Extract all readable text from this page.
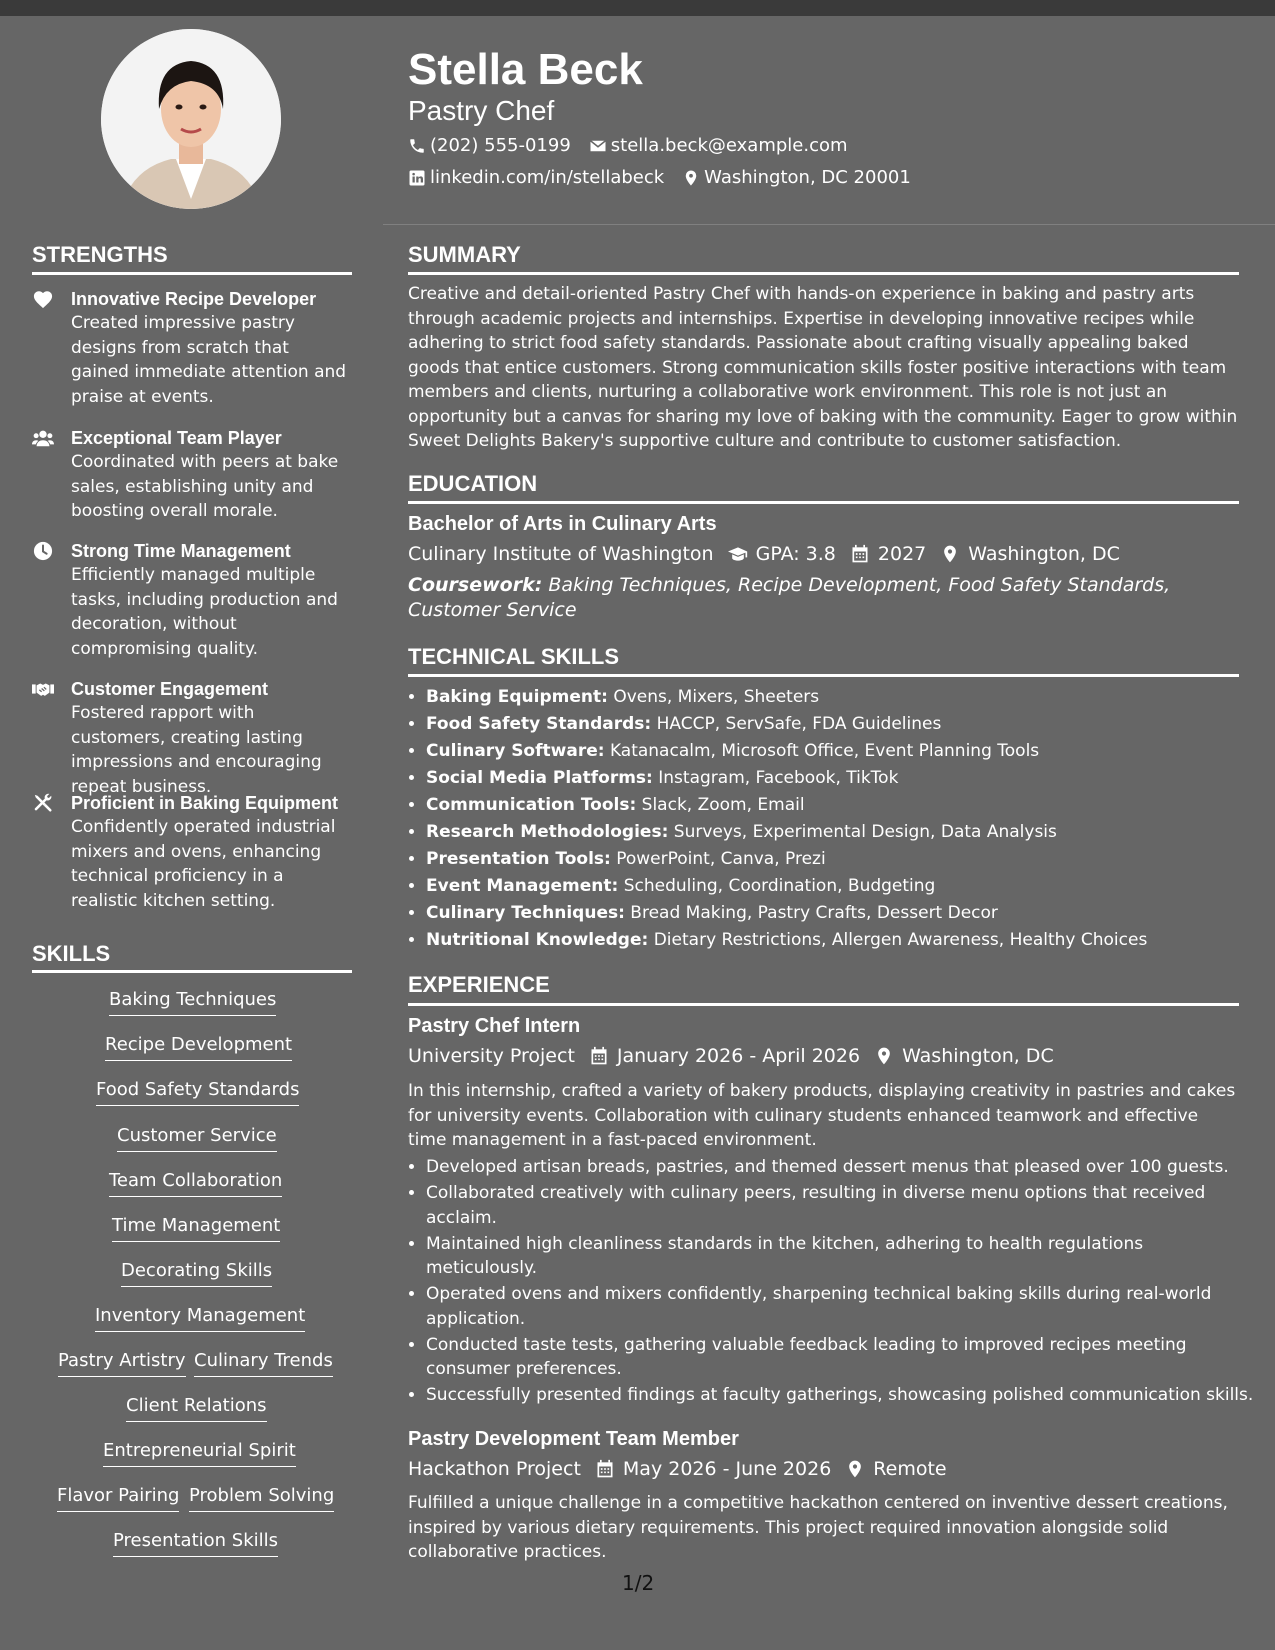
Stella Beck
Pastry Chef
(202) 555-0199 stella.beck@example.com
linkedin.com/in/stellabeck Washington, DC 20001
STRENGTHS
Innovative Recipe Developer
Created impressive pastry designs from scratch that gained immediate attention and praise at events.
Exceptional Team Player
Coordinated with peers at bake sales, establishing unity and boosting overall morale.
Strong Time Management
Efficiently managed multiple tasks, including production and decoration, without compromising quality.
Customer Engagement
Fostered rapport with customers, creating lasting impressions and encouraging repeat business.
Proficient in Baking Equipment
Confidently operated industrial mixers and ovens, enhancing technical proficiency in a realistic kitchen setting.
SKILLS
Baking Techniques
Recipe Development
Food Safety Standards
Customer Service
Team Collaboration
Time Management
Decorating Skills
Inventory Management
Pastry Artistry Culinary Trends
Client Relations
Entrepreneurial Spirit
Flavor Pairing Problem Solving
Presentation Skills
SUMMARY
Creative and detail-oriented Pastry Chef with hands-on experience in baking and pastry arts through academic projects and internships. Expertise in developing innovative recipes while adhering to strict food safety standards. Passionate about crafting visually appealing baked goods that entice customers. Strong communication skills foster positive interactions with team members and clients, nurturing a collaborative work environment. This role is not just an opportunity but a canvas for sharing my love of baking with the community. Eager to grow within Sweet Delights Bakery's supportive culture and contribute to customer satisfaction.
EDUCATION
Bachelor of Arts in Culinary Arts
Culinary Institute of Washington GPA: 3.8 2027 Washington, DC
Coursework: Baking Techniques, Recipe Development, Food Safety Standards, Customer Service
TECHNICAL SKILLS
• Baking Equipment: Ovens, Mixers, Sheeters
• Food Safety Standards: HACCP, ServSafe, FDA Guidelines
• Culinary Software: Katanacalm, Microsoft Office, Event Planning Tools
• Social Media Platforms: Instagram, Facebook, TikTok
• Communication Tools: Slack, Zoom, Email
• Research Methodologies: Surveys, Experimental Design, Data Analysis
• Presentation Tools: PowerPoint, Canva, Prezi
• Event Management: Scheduling, Coordination, Budgeting
• Culinary Techniques: Bread Making, Pastry Crafts, Dessert Decor
• Nutritional Knowledge: Dietary Restrictions, Allergen Awareness, Healthy Choices
EXPERIENCE
Pastry Chef Intern
University Project January 2026 - April 2026 Washington, DC
In this internship, crafted a variety of bakery products, displaying creativity in pastries and cakes for university events. Collaboration with culinary students enhanced teamwork and effective time management in a fast-paced environment.
• Developed artisan breads, pastries, and themed dessert menus that pleased over 100 guests.
• Collaborated creatively with culinary peers, resulting in diverse menu options that received acclaim.
• Maintained high cleanliness standards in the kitchen, adhering to health regulations meticulously.
• Operated ovens and mixers confidently, sharpening technical baking skills during real-world application.
• Conducted taste tests, gathering valuable feedback leading to improved recipes meeting consumer preferences.
• Successfully presented findings at faculty gatherings, showcasing polished communication skills.
Pastry Development Team Member
Hackathon Project May 2026 - June 2026 Remote
Fulfilled a unique challenge in a competitive hackathon centered on inventive dessert creations, inspired by various dietary requirements. This project required innovation alongside solid collaborative practices.
1/2
